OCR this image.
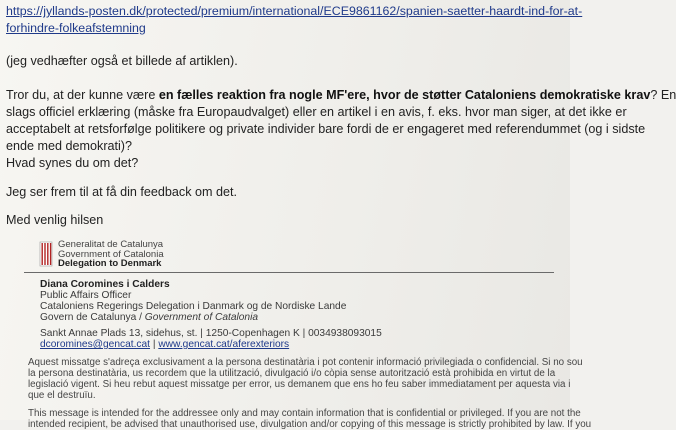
https://jyllands-posten.dk/protected/premium/international/ECE9861162/spanien-saetter-haardt-ind-for-at-
forhindre-folkeafstemning
(jeg vedhæfter også et billede af artiklen).
Tror du, at der kunne være en fælles reaktion fra nogle MF'ere, hvor de støtter Cataloniens demokratiske krav? En
slags officiel erklæring (måske fra Europaudvalget) eller en artikel i en avis, f. eks. hvor man siger, at det ikke er
acceptabelt at retsforfølge politikere og private individer bare fordi de er engageret med referendummet (og i sidste
ende med demokrati)?
Hvad synes du om det?
Jeg ser frem til at få din feedback om det.
Med venlig hilsen
Generalitat de Catalunya
Government of Catalonia
Delegation to Denmark
Diana Coromines i Calders
Public Affairs Officer
Cataloniens Regerings Delegation i Danmark og de Nordiske Lande
Govern de Catalunya / Government of Catalonia
Sankt Annae Plads 13, sidehus, st. | 1250-Copenhagen K | 0034938093015
dcoromines@gencat.cat | www.gencat.cat/aferexteriors
Aquest missatge s'adreça exclusivament a la persona destinatària i pot contenir informació privilegiada o confidencial. Si no sou
la persona destinatària, us recordem que la utilització, divulgació i/o còpia sense autorització està prohibida en virtut de la
legislació vigent. Si heu rebut aquest missatge per error, us demanem que ens ho feu saber immediatament per aquesta via i
que el destruïu.
This message is intended for the addressee only and may contain information that is confidential or privileged. If you are not the
intended recipient, be advised that unauthorised use, divulgation and/or copying of this message is strictly prohibited by law. If you
